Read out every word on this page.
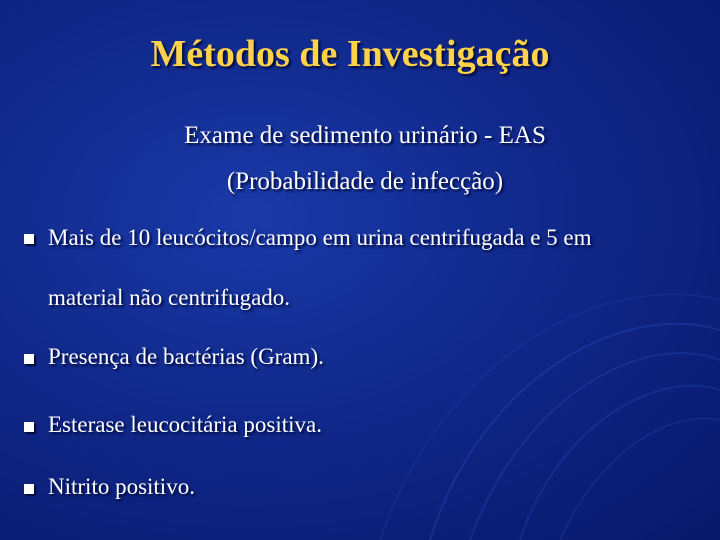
Métodos de Investigação
Exame de sedimento urinário - EAS
(Probabilidade de infecção)
Mais de 10 leucócitos/campo em urina centrifugada e 5 em
material não centrifugado.
Presença de bactérias (Gram).
Esterase leucocitária positiva.
Nitrito positivo.
